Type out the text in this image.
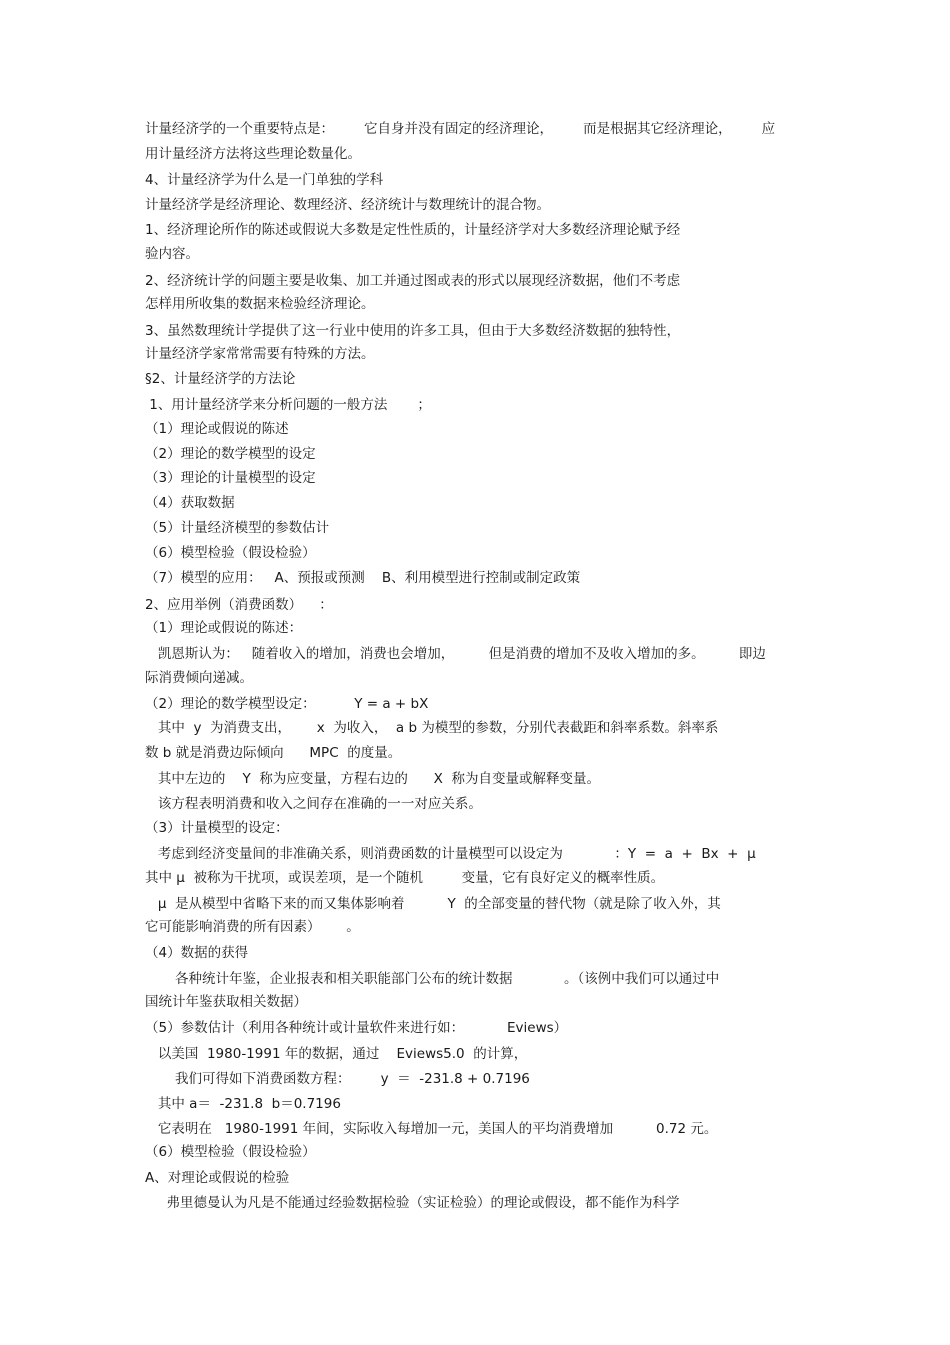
计量经济学的一个重要特点是：       它自身并没有固定的经济理论，       而是根据其它经济理论，       应
用计量经济方法将这些理论数量化。
4、计量经济学为什么是一门单独的学科
计量经济学是经济理论、数理经济、经济统计与数理统计的混合物。
1、经济理论所作的陈述或假说大多数是定性性质的，计量经济学对大多数经济理论赋予经
验内容。
2、经济统计学的问题主要是收集、加工并通过图或表的形式以展现经济数据，他们不考虑
怎样用所收集的数据来检验经济理论。
3、虽然数理统计学提供了这一行业中使用的许多工具，但由于大多数经济数据的独特性，
计量经济学家常常需要有特殊的方法。
§2、计量经济学的方法论
1、用计量经济学来分析问题的一般方法       ；
（1）理论或假说的陈述
（2）理论的数学模型的设定
（3）理论的计量模型的设定
（4）获取数据
（5）计量经济模型的参数估计
（6）模型检验（假设检验）
（7）模型的应用：   A、预报或预测    B、利用模型进行控制或制定政策
2、应用举例（消费函数）    ：
（1）理论或假说的陈述：
凯恩斯认为：   随着收入的增加，消费也会增加，        但是消费的增加不及收入增加的多。        即边
际消费倾向递减。
（2）理论的数学模型设定：         Y = a + bX
其中  y  为消费支出，      x  为收入，  a b 为模型的参数，分别代表截距和斜率系数。斜率系
数 b 就是消费边际倾向      MPC  的度量。
其中左边的    Y  称为应变量，方程右边的      X  称为自变量或解释变量。
该方程表明消费和收入之间存在准确的一一对应关系。
（3）计量模型的设定：
考虑到经济变量间的非准确关系，则消费函数的计量模型可以设定为            ：Y  =  a  +  Bx  +  μ
其中 μ  被称为干扰项，或误差项，是一个随机         变量，它有良好定义的概率性质。
μ  是从模型中省略下来的而又集体影响着          Y  的全部变量的替代物（就是除了收入外，其
它可能影响消费的所有因素）      。
（4）数据的获得
各种统计年鉴，企业报表和相关职能部门公布的统计数据            。（该例中我们可以通过中
国统计年鉴获取相关数据）
（5）参数估计（利用各种统计或计量软件来进行如：          Eviews）
以美国  1980-1991 年的数据，通过    Eviews5.0  的计算，
我们可得如下消费函数方程：       y  ＝  -231.8 + 0.7196
其中 a＝  -231.8  b＝0.7196
它表明在   1980-1991 年间，实际收入每增加一元，美国人的平均消费增加          0.72 元。
（6）模型检验（假设检验）
A、对理论或假说的检验
弗里德曼认为凡是不能通过经验数据检验（实证检验）的理论或假设，都不能作为科学
